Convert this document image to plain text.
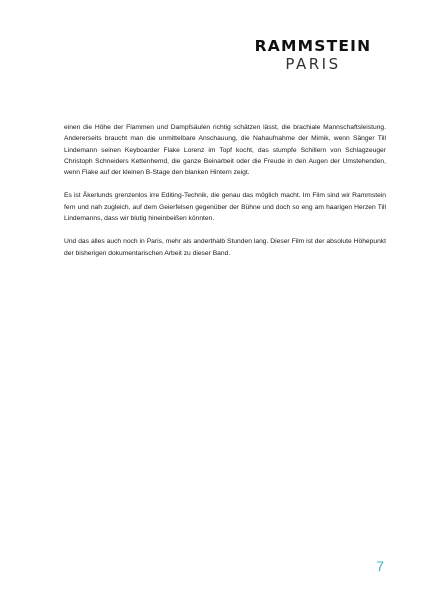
RAMMSTEIN
PARIS

einen die Höhe der Flammen und Dampfsäulen richtig schätzen lässt, die brachiale Mannschaftsleistung. Andererseits braucht man die unmittelbare Anschauung, die Nahaufnahme der Mimik, wenn Sänger Till Lindemann seinen Keyboarder Flake Lorenz im Topf kocht, das stumpfe Schillern von Schlagzeuger Christoph Schneiders Kettenhemd, die ganze Beinarbeit oder die Freude in den Augen der Umstehenden, wenn Flake auf der kleinen B-Stage den blanken Hintern zeigt.

Es ist Åkerlunds grenzenlos irre Editing-Technik, die genau das möglich macht. Im Film sind wir Rammstein fern und nah zugleich, auf dem Geierfelsen gegenüber der Bühne und doch so eng am haarigen Herzen Till Lindemanns, dass wir blutig hineinbeißen könnten.

Und das alles auch noch in Paris, mehr als anderthalb Stunden lang. Dieser Film ist der absolute Höhepunkt der bisherigen dokumentarischen Arbeit zu dieser Band.

7
